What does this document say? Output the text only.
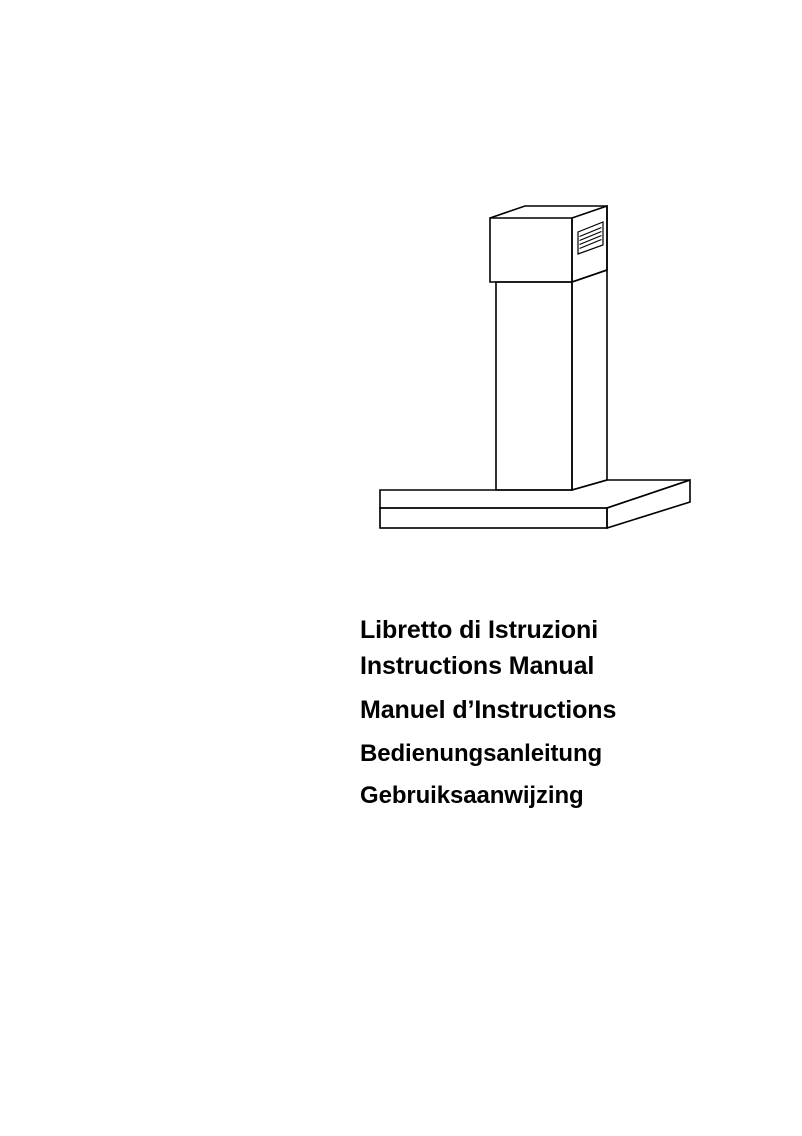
Libretto di Istruzioni
Instructions Manual
Manuel d’Instructions
Bedienungsanleitung
Gebruiksaanwijzing
